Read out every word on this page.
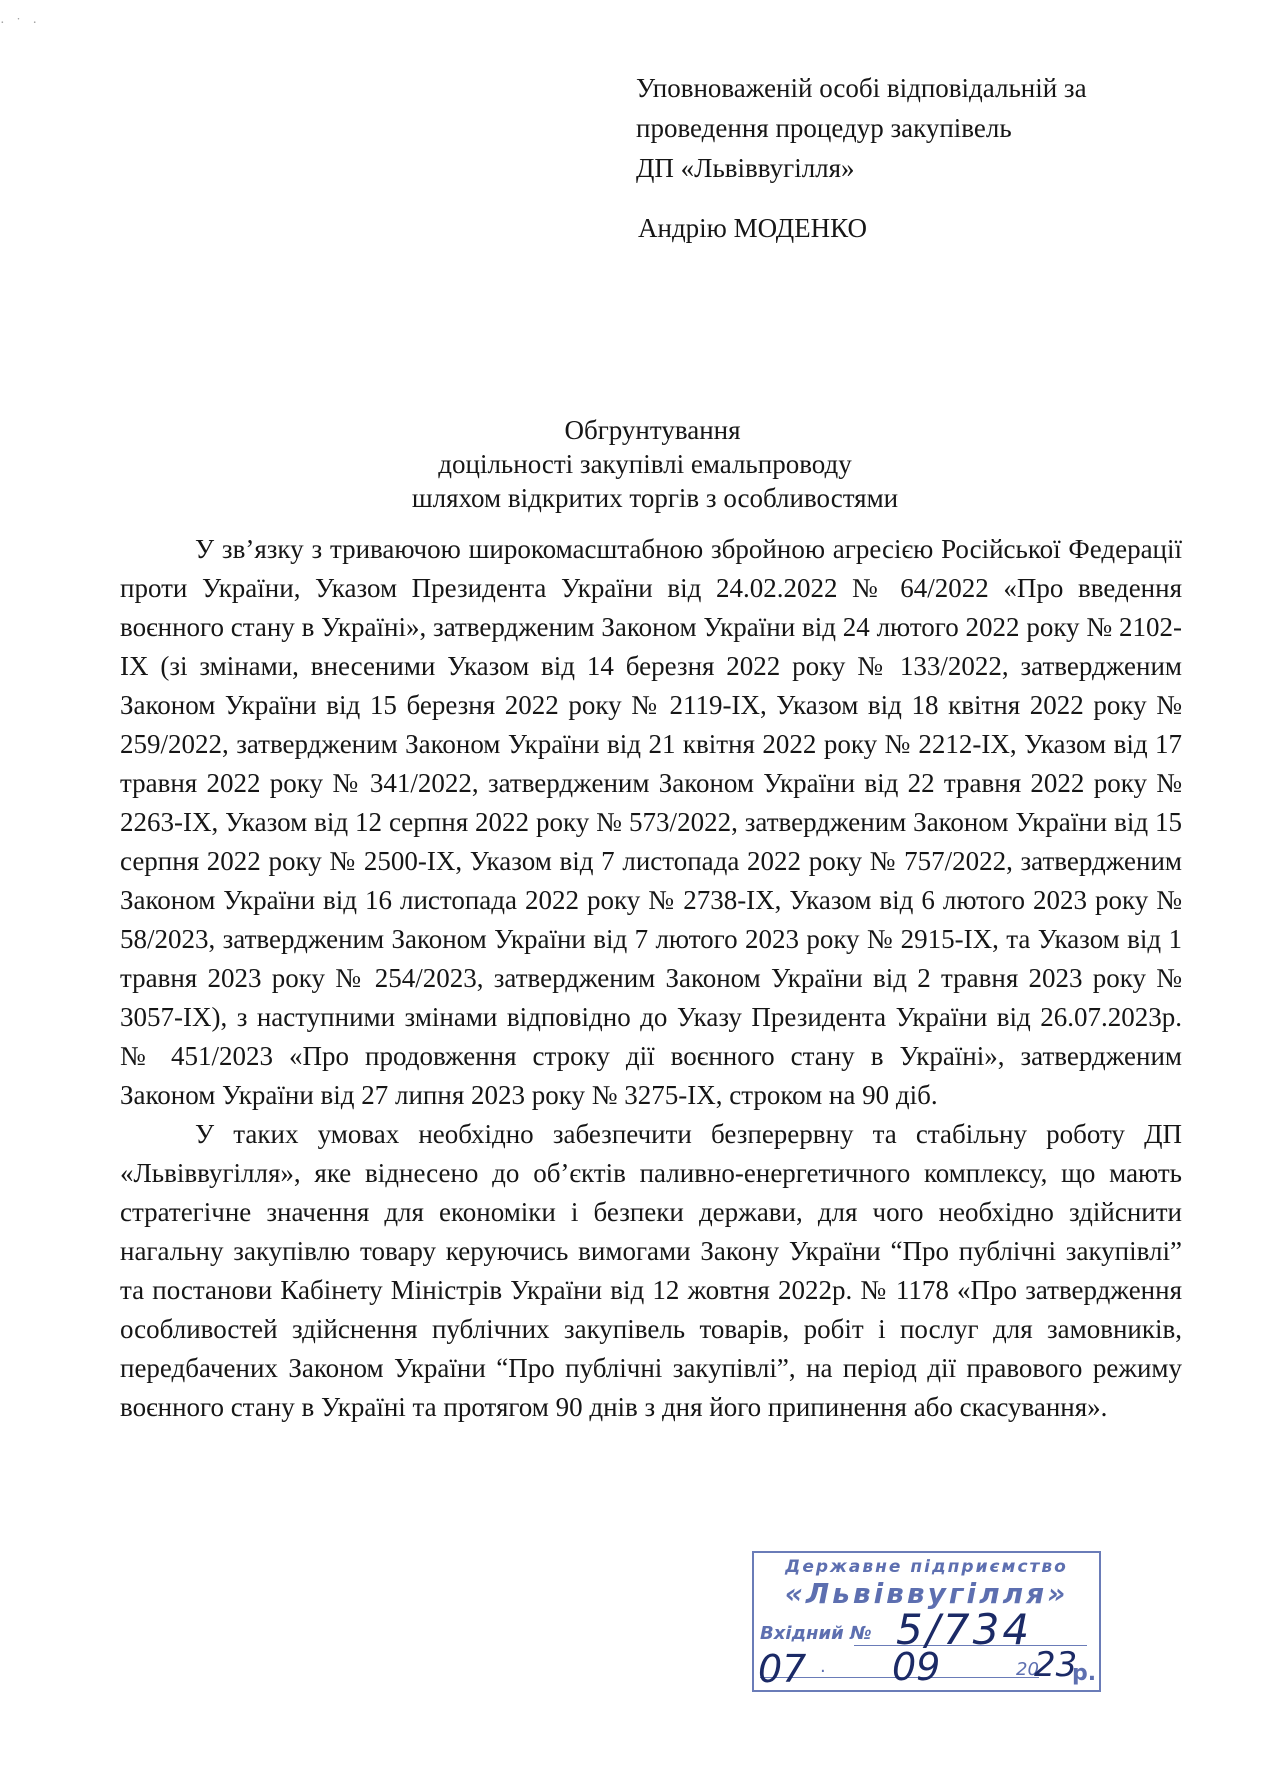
· ˙ ·
Уповноваженій особі відповідальній за
проведення процедур закупівель
ДП «Львіввугілля»
Андрію МОДЕНКО
Обгрунтування
доцільності закупівлі емальпроводу
шляхом відкритих торгів з особливостями

У зв’язку з триваючою широкомасштабною збройною агресією Російської Федерації проти України, Указом Президента України від 24.02.2022 № 64/2022 «Про введення воєнного стану в Україні», затвердженим Законом України від 24 лютого 2022 року № 2102-IX (зі змінами, внесеними Указом від 14 березня 2022 року № 133/2022, затвердженим Законом України від 15 березня 2022 року № 2119-IX, Указом від 18 квітня 2022 року № 259/2022, затвердженим Законом України від 21 квітня 2022 року № 2212-IX, Указом від 17 травня 2022 року № 341/2022, затвердженим Законом України від 22 травня 2022 року № 2263-IX, Указом від 12 серпня 2022 року № 573/2022, затвердженим Законом України від 15 серпня 2022 року № 2500-IX, Указом від 7 листопада 2022 року № 757/2022, затвердженим Законом України від 16 листопада 2022 року № 2738-IX, Указом від 6 лютого 2023 року № 58/2023, затвердженим Законом України від 7 лютого 2023 року № 2915-IX, та Указом від 1 травня 2023 року № 254/2023, затвердженим Законом України від 2 травня 2023 року № 3057-IX), з наступними змінами відповідно до Указу Президента України від 26.07.2023р. № 451/2023 «Про продовження строку дії воєнного стану в Україні», затвердженим Законом України від 27 липня 2023 року № 3275-IX, строком на 90 діб.

У таких умовах необхідно забезпечити безперервну та стабільну роботу ДП «Львіввугілля», яке віднесено до об’єктів паливно-енергетичного комплексу, що мають стратегічне значення для економіки і безпеки держави, для чого необхідно здійснити нагальну закупівлю товару керуючись вимогами Закону України “Про публічні закупівлі” та постанови Кабінету Міністрів України від 12 жовтня 2022р. № 1178 «Про затвердження особливостей здійснення публічних закупівель товарів, робіт і послуг для замовників, передбачених Законом України “Про публічні закупівлі”, на період дії правового режиму воєнного стану в Україні та протягом 90 днів з дня його припинення або скасування».

Державне підприємство
«Львіввугілля»
Вхідний № 5/734
07 · 09	20
23
р.
